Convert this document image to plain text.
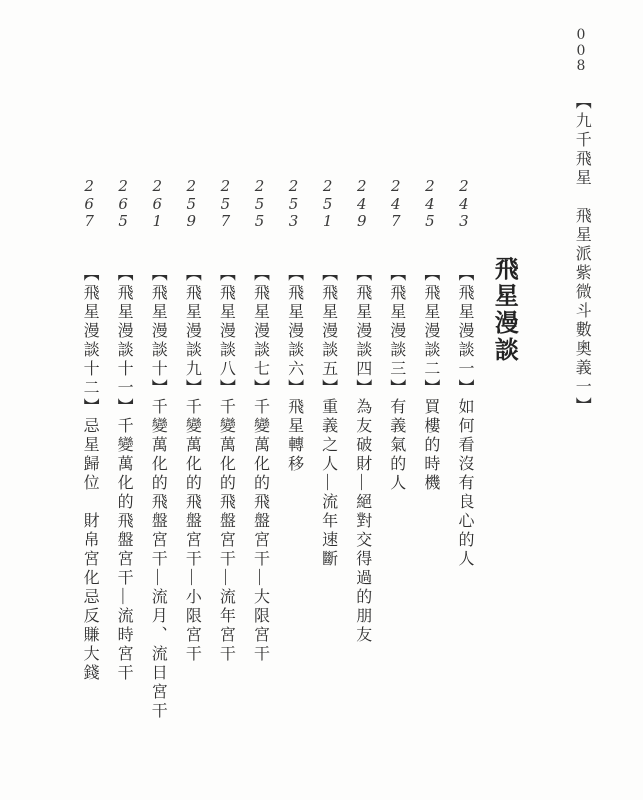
008
【九千飛星　飛星派紫微斗數奧義一】
飛星漫談
243
【飛星漫談一】如何看沒有良心的人
245
【飛星漫談二】買樓的時機
247
【飛星漫談三】有義氣的人
249
【飛星漫談四】為友破財—絕對交得過的朋友
251
【飛星漫談五】重義之人—流年速斷
253
【飛星漫談六】飛星轉移
255
【飛星漫談七】千變萬化的飛盤宮干—大限宮干
257
【飛星漫談八】千變萬化的飛盤宮干—流年宮干
259
【飛星漫談九】千變萬化的飛盤宮干—小限宮干
261
【飛星漫談十】千變萬化的飛盤宮干—流月、流日宮干
265
【飛星漫談十一】千變萬化的飛盤宮干—流時宮干
267
【飛星漫談十二】忌星歸位　財帛宮化忌反賺大錢
